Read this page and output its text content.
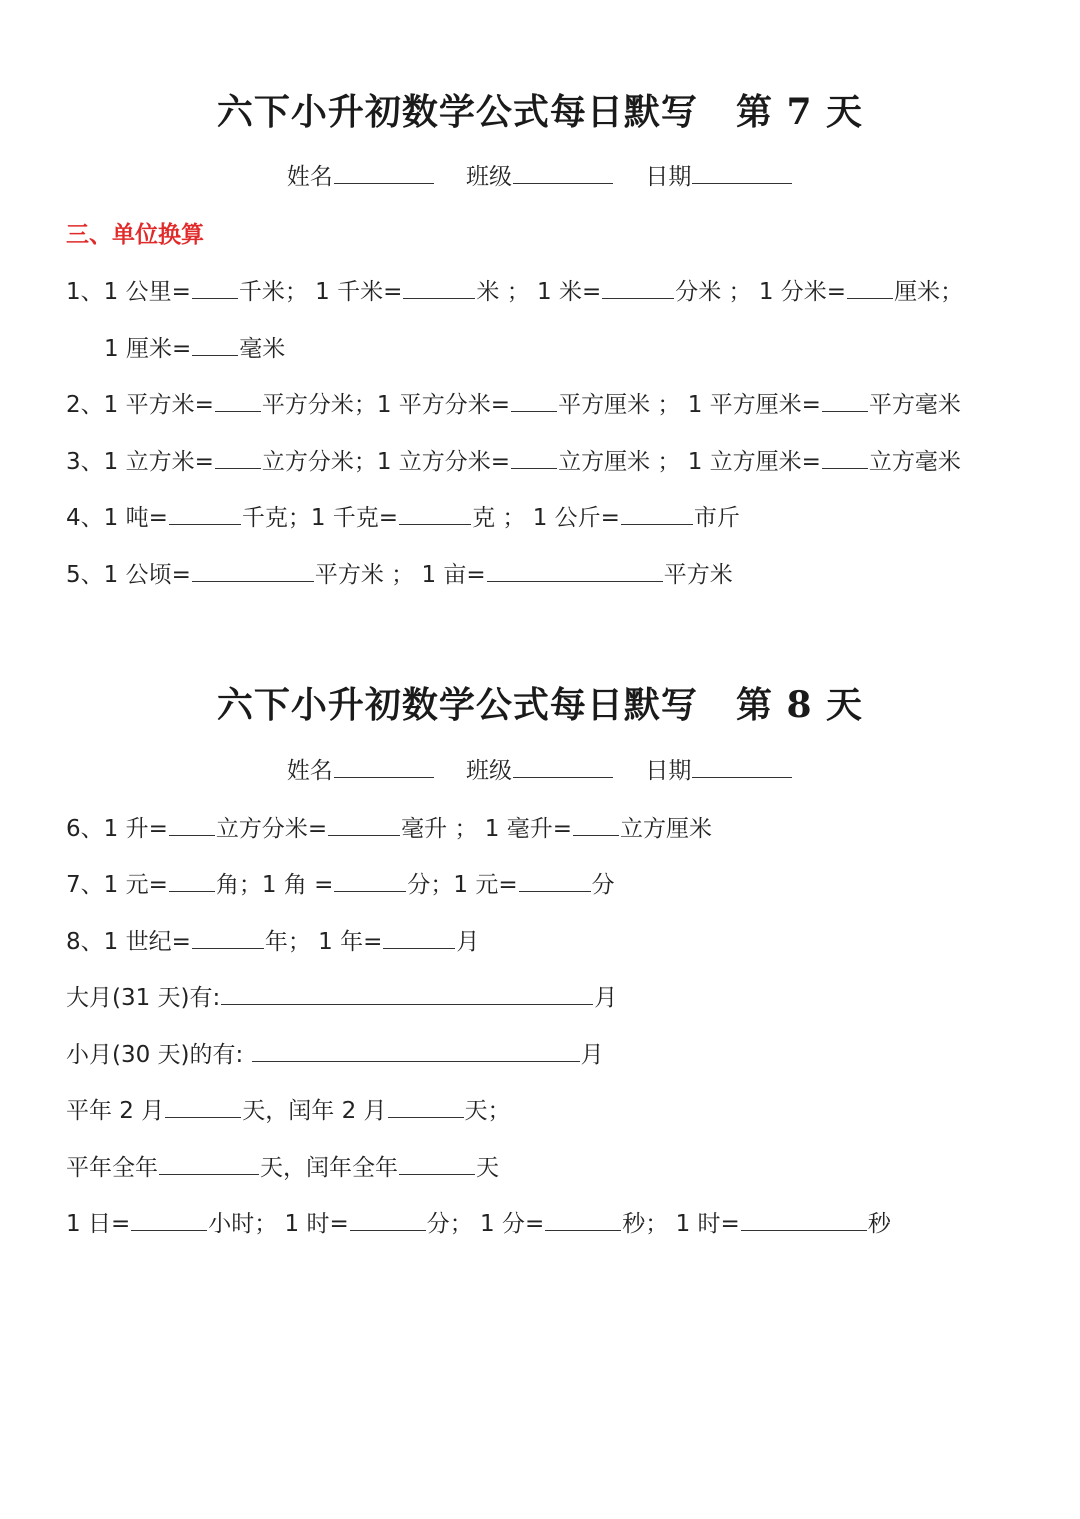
六下小升初数学公式每日默写 第 7 天
姓名	班级	日期
三、单位换算
1、1 公里= 千米； 1 千米=	米 ； 1 米=	分米 ； 1 分米= 厘米；
1 厘米= 毫米
2、1 平方米= 平方分米；1 平方分米= 平方厘米 ； 1 平方厘米= 平方毫米
3、1 立方米= 立方分米；1 立方分米= 立方厘米 ； 1 立方厘米= 立方毫米
4、1 吨=	千克；1 千克=	克 ； 1 公斤=	市斤
5、1 公顷=	平方米 ； 1 亩=	平方米
六下小升初数学公式每日默写 第 8 天
姓名	班级	日期
6、1 升= 立方分米=	毫升 ； 1 毫升= 立方厘米
7、1 元= 角；1 角 =	分；1 元=	分
8、1 世纪=	年； 1 年=	月
大月(31 天)有:	月
小月(30 天)的有:	月
平年 2 月	天，闰年 2 月	天；
平年全年	天，闰年全年	天
1 日=	小时； 1 时=	分； 1 分=	秒； 1 时=	秒
